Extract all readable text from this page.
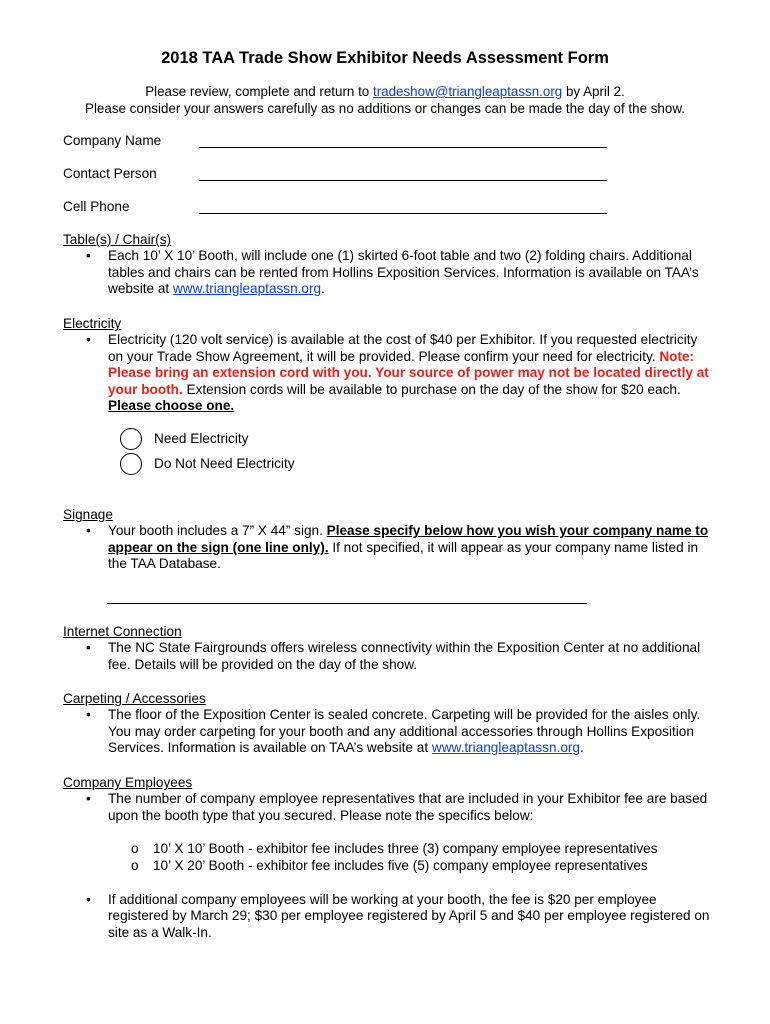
2018 TAA Trade Show Exhibitor Needs Assessment Form
Please review, complete and return to tradeshow@triangleaptassn.org by April 2.
Please consider your answers carefully as no additions or changes can be made the day of the show.
Company Name
Contact Person
Cell Phone
Table(s) / Chair(s)
• Each 10’ X 10’ Booth, will include one (1) skirted 6-foot table and two (2) folding chairs. Additional tables and chairs can be rented from Hollins Exposition Services. Information is available on TAA’s website at www.triangleaptassn.org.
Electricity
• Electricity (120 volt service) is available at the cost of $40 per Exhibitor. If you requested electricity on your Trade Show Agreement, it will be provided. Please confirm your need for electricity. Note: Please bring an extension cord with you. Your source of power may not be located directly at your booth. Extension cords will be available to purchase on the day of the show for $20 each. Please choose one.
Need Electricity
Do Not Need Electricity
Signage
• Your booth includes a 7” X 44” sign. Please specify below how you wish your company name to appear on the sign (one line only). If not specified, it will appear as your company name listed in the TAA Database.
Internet Connection
• The NC State Fairgrounds offers wireless connectivity within the Exposition Center at no additional fee. Details will be provided on the day of the show.
Carpeting / Accessories
• The floor of the Exposition Center is sealed concrete. Carpeting will be provided for the aisles only. You may order carpeting for your booth and any additional accessories through Hollins Exposition Services. Information is available on TAA’s website at www.triangleaptassn.org.
Company Employees
• The number of company employee representatives that are included in your Exhibitor fee are based upon the booth type that you secured. Please note the specifics below:
o 10’ X 10’ Booth - exhibitor fee includes three (3) company employee representatives
o 10’ X 20’ Booth - exhibitor fee includes five (5) company employee representatives
• If additional company employees will be working at your booth, the fee is $20 per employee registered by March 29; $30 per employee registered by April 5 and $40 per employee registered on site as a Walk-In.
